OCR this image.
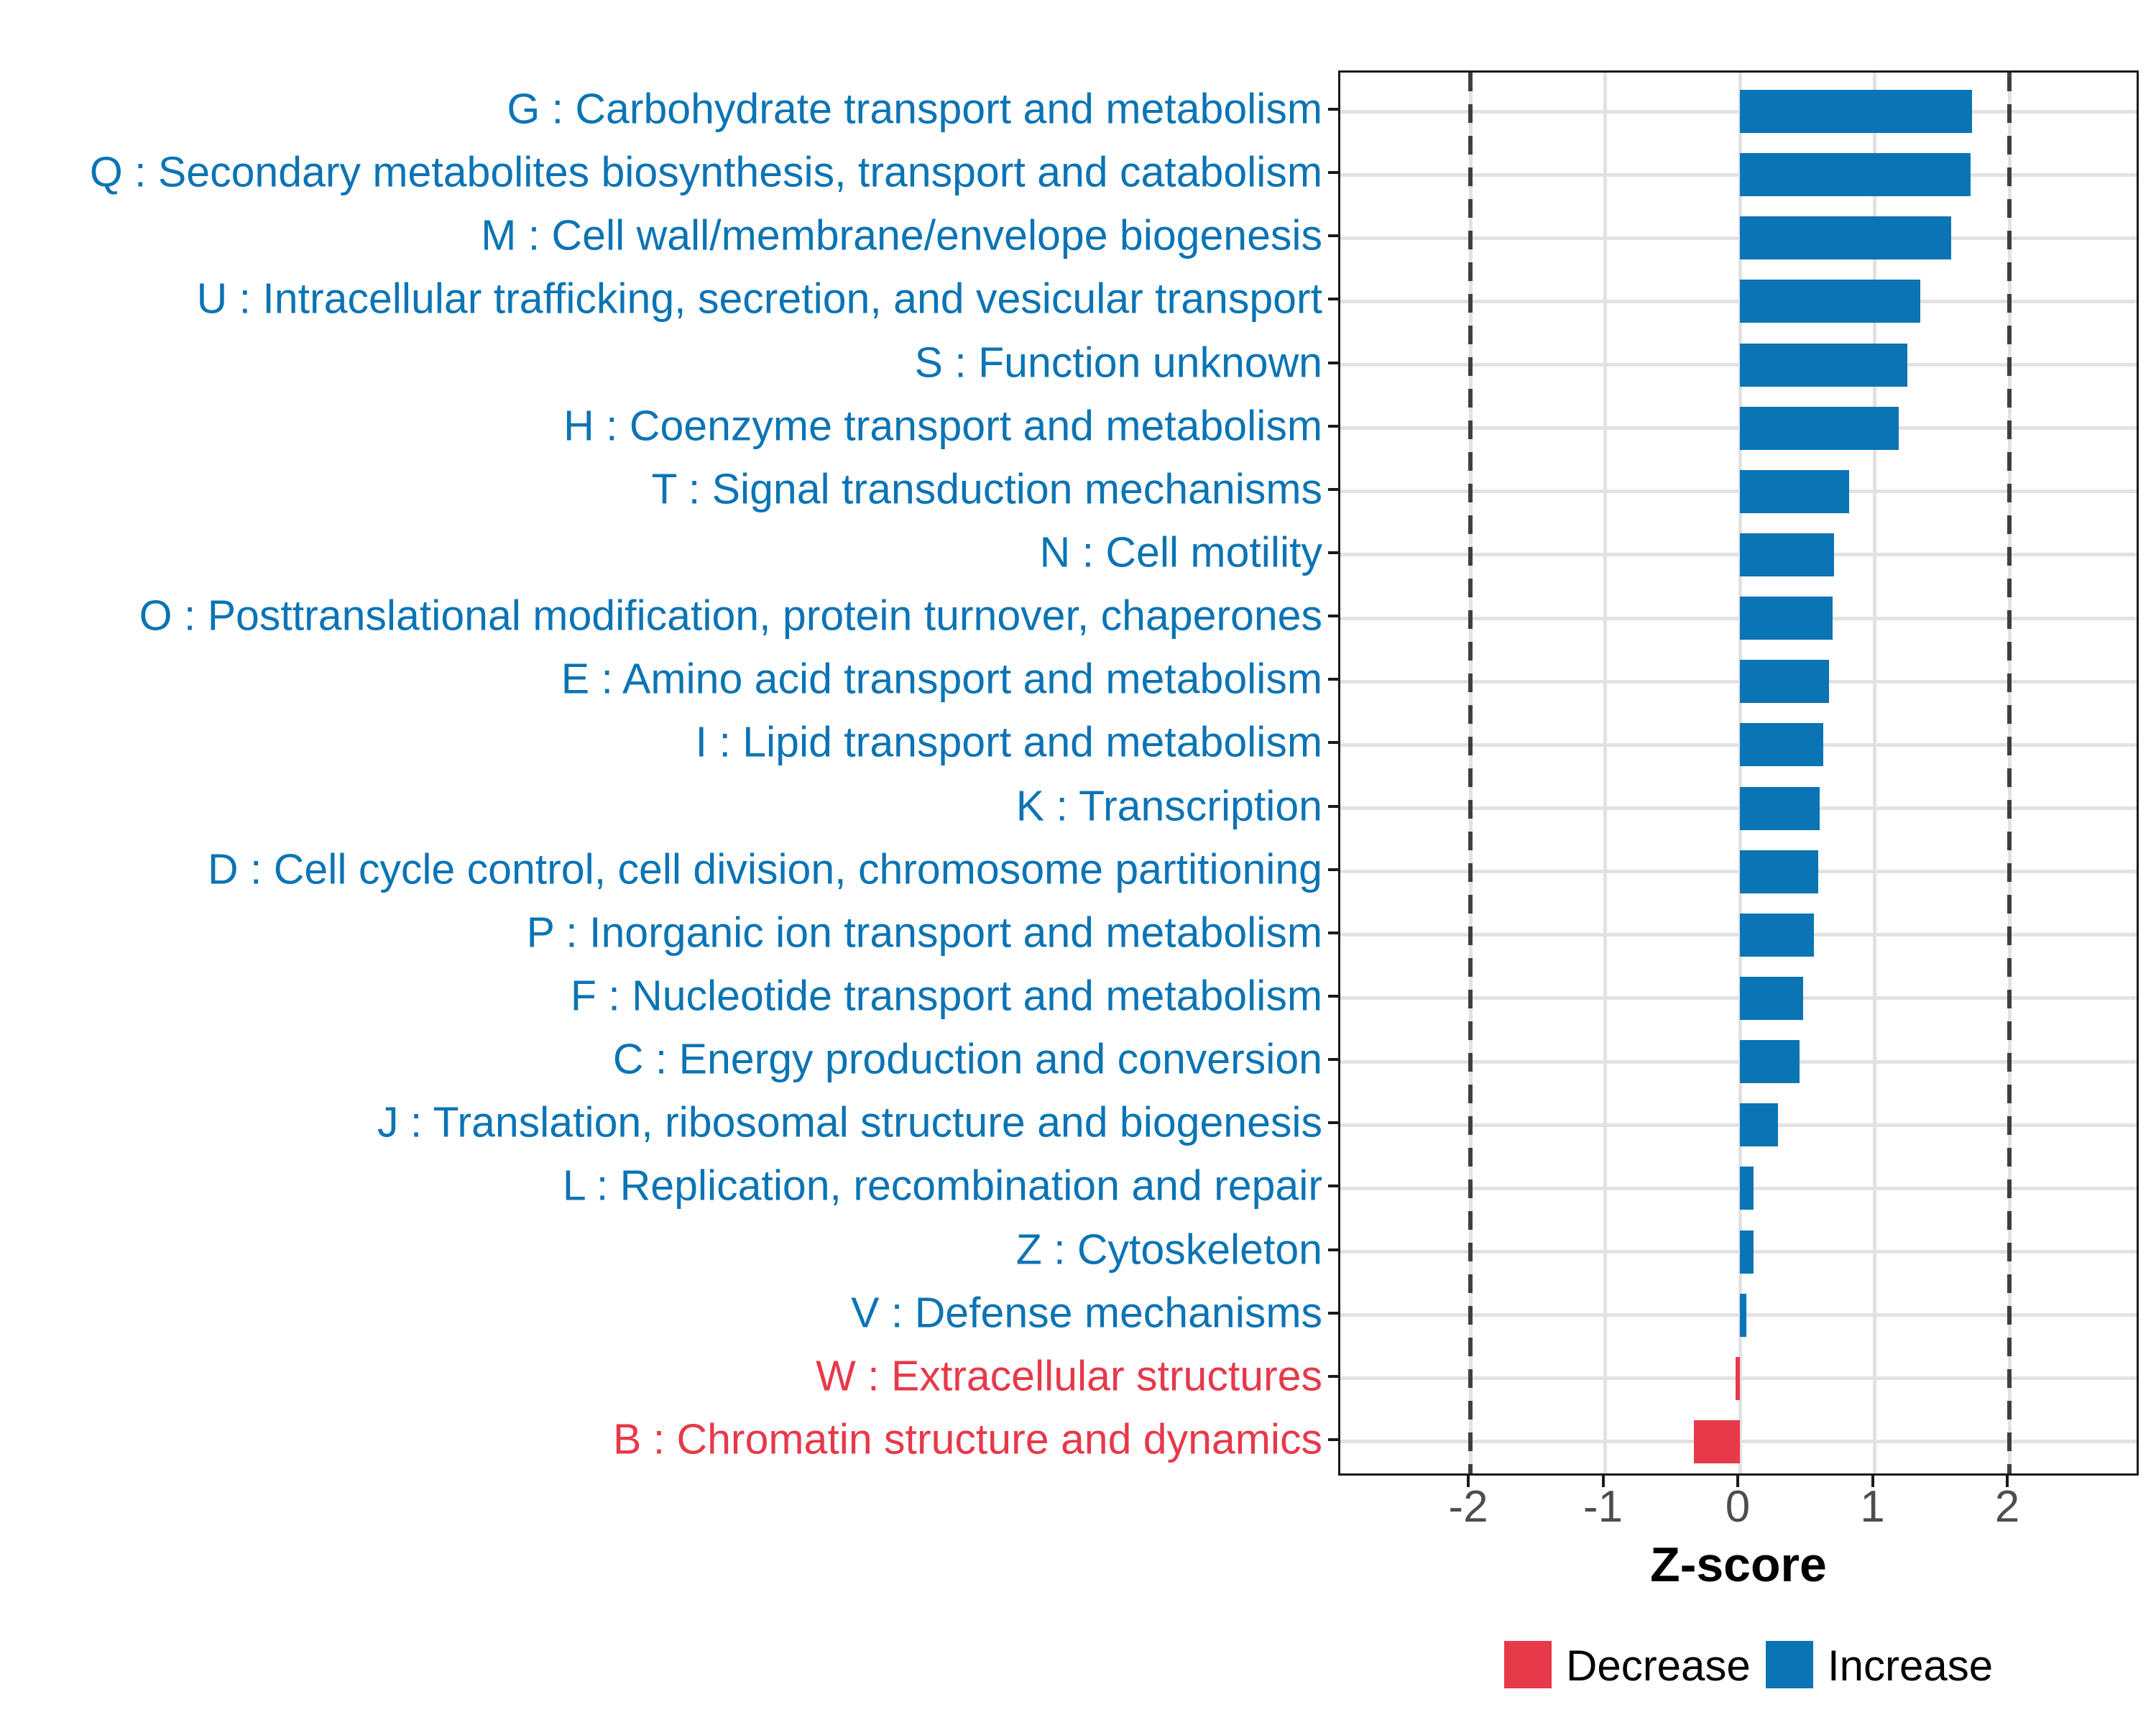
G : Carbohydrate transport and metabolism
Q : Secondary metabolites biosynthesis, transport and catabolism
M : Cell wall/membrane/envelope biogenesis
U : Intracellular trafficking, secretion, and vesicular transport
S : Function unknown
H : Coenzyme transport and metabolism
T : Signal transduction mechanisms
N : Cell motility
O : Posttranslational modification, protein turnover, chaperones
E : Amino acid transport and metabolism
I : Lipid transport and metabolism
K : Transcription
D : Cell cycle control, cell division, chromosome partitioning
P : Inorganic ion transport and metabolism
F : Nucleotide transport and metabolism
C : Energy production and conversion
J : Translation, ribosomal structure and biogenesis
L : Replication, recombination and repair
Z : Cytoskeleton
V : Defense mechanisms
W : Extracellular structures
B : Chromatin structure and dynamics
-2	-1	0	1	2
Z-score
Decrease Increase
